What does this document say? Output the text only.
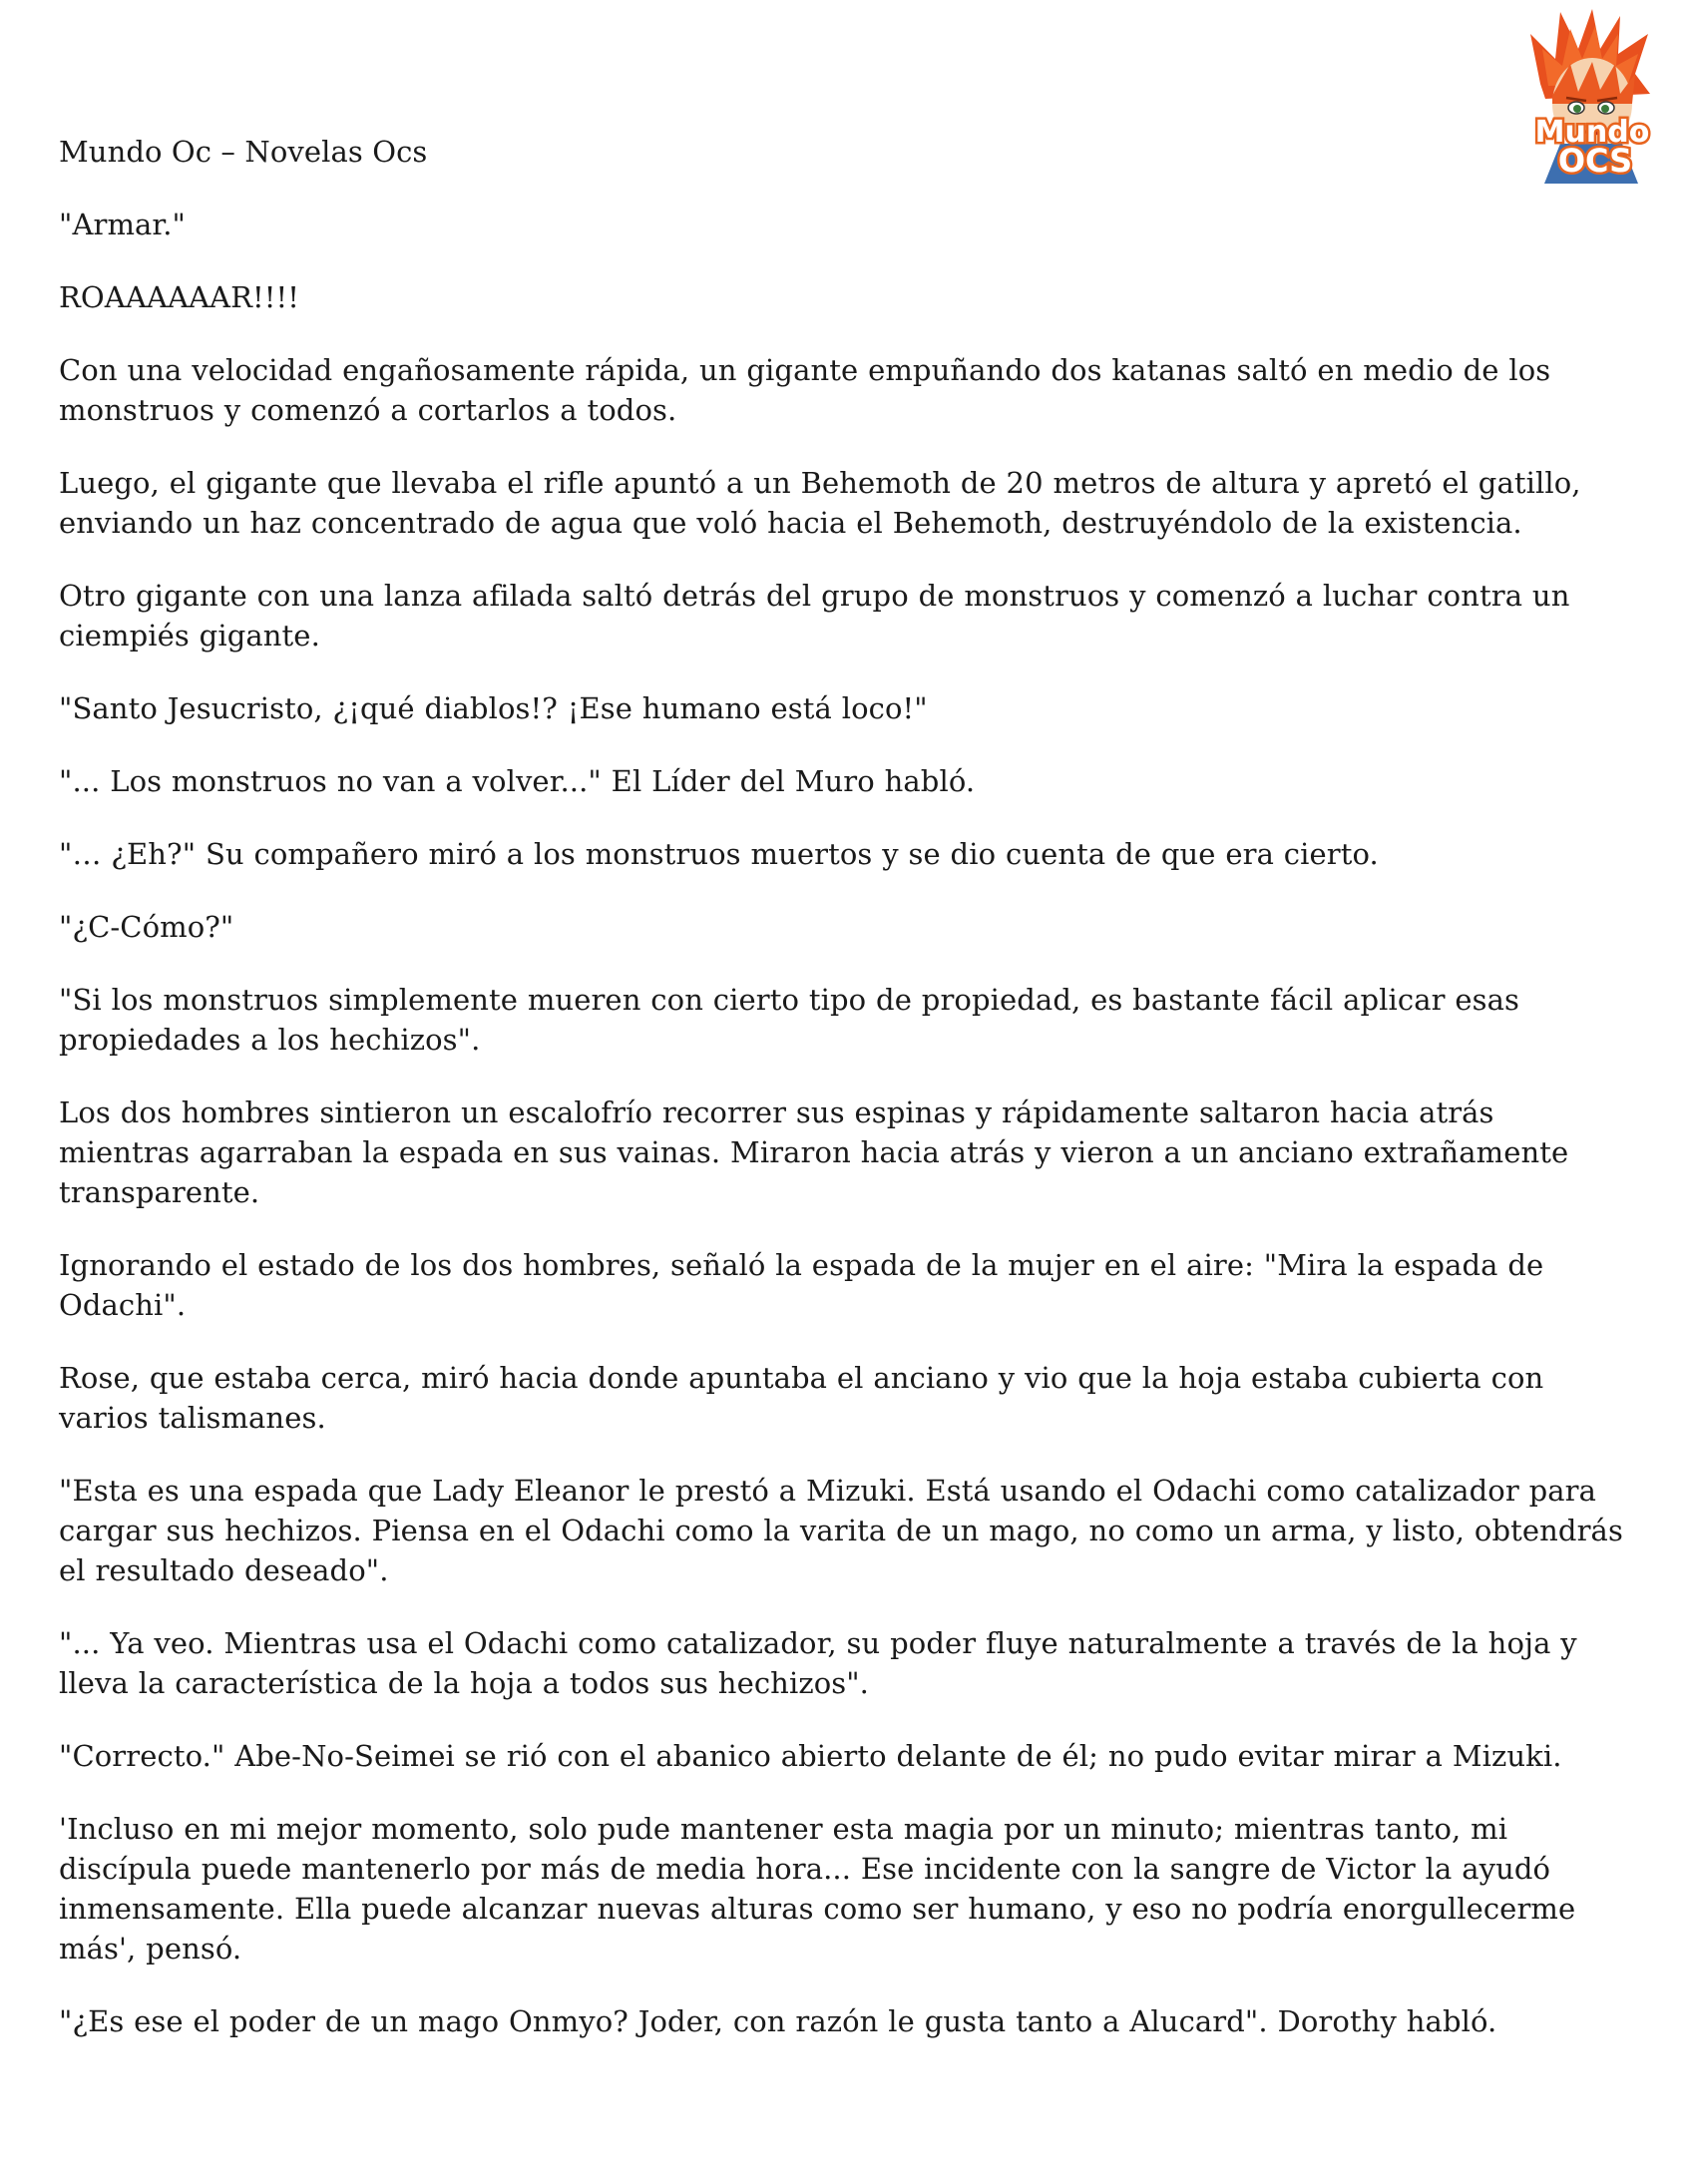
Mundo
OCS
Mundo Oc – Novelas Ocs

"Armar."

ROAAAAAAR!!!!

Con una velocidad engañosamente rápida, un gigante empuñando dos katanas saltó en medio de los monstruos y comenzó a cortarlos a todos.

Luego, el gigante que llevaba el rifle apuntó a un Behemoth de 20 metros de altura y apretó el gatillo, enviando un haz concentrado de agua que voló hacia el Behemoth, destruyéndolo de la existencia.

Otro gigante con una lanza afilada saltó detrás del grupo de monstruos y comenzó a luchar contra un ciempiés gigante.

"Santo Jesucristo, ¿¡qué diablos!? ¡Ese humano está loco!"

"... Los monstruos no van a volver..." El Líder del Muro habló.

"… ¿Eh?" Su compañero miró a los monstruos muertos y se dio cuenta de que era cierto.

"¿C-Cómo?"

"Si los monstruos simplemente mueren con cierto tipo de propiedad, es bastante fácil aplicar esas propiedades a los hechizos".

Los dos hombres sintieron un escalofrío recorrer sus espinas y rápidamente saltaron hacia atrás mientras agarraban la espada en sus vainas. Miraron hacia atrás y vieron a un anciano extrañamente transparente.

Ignorando el estado de los dos hombres, señaló la espada de la mujer en el aire: "Mira la espada de Odachi".

Rose, que estaba cerca, miró hacia donde apuntaba el anciano y vio que la hoja estaba cubierta con varios talismanes.

"Esta es una espada que Lady Eleanor le prestó a Mizuki. Está usando el Odachi como catalizador para cargar sus hechizos. Piensa en el Odachi como la varita de un mago, no como un arma, y listo, obtendrás el resultado deseado".

"... Ya veo. Mientras usa el Odachi como catalizador, su poder fluye naturalmente a través de la hoja y lleva la característica de la hoja a todos sus hechizos".

"Correcto." Abe-No-Seimei se rió con el abanico abierto delante de él; no pudo evitar mirar a Mizuki.

'Incluso en mi mejor momento, solo pude mantener esta magia por un minuto; mientras tanto, mi discípula puede mantenerlo por más de media hora... Ese incidente con la sangre de Victor la ayudó inmensamente. Ella puede alcanzar nuevas alturas como ser humano, y eso no podría enorgullecerme más', pensó.

"¿Es ese el poder de un mago Onmyo? Joder, con razón le gusta tanto a Alucard". Dorothy habló.
